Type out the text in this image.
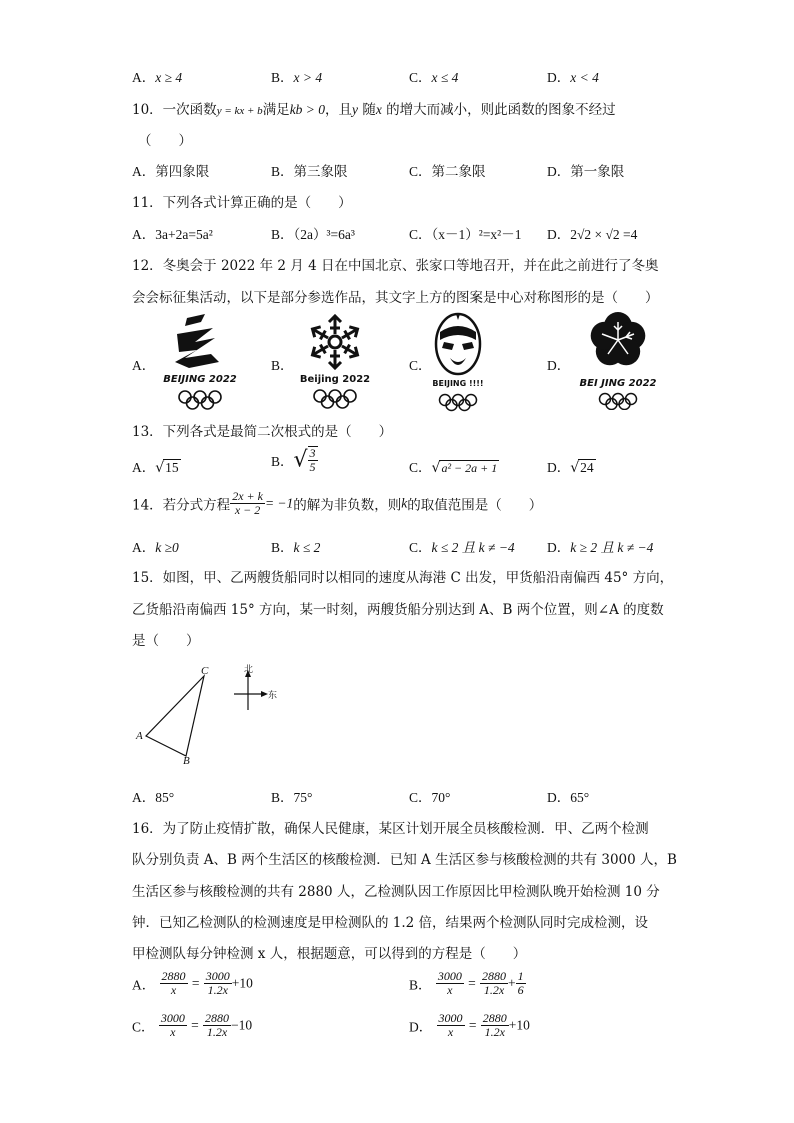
A．x ≥ 4	B．x > 4	C．x ≤ 4	D．x < 4
10．一次函数y = kx + b满足kb > 0，且y 随x 的增大而减小，则此函数的图象不经过
（　　）
A．第四象限	B．第三象限	C．第二象限	D．第一象限
11．下列各式计算正确的是（　　）
A．3a+2a=5a²	B．（2a）³=6a³	C．（x－1）²=x²－1 D．2√2 × √2 =4
12．冬奥会于 2022 年 2 月 4 日在中国北京、张家口等地召开，并在此之前进行了冬奥
会会标征集活动，以下是部分参选作品，其文字上方的图案是中心对称图形的是（　　）
A．
BEIJING 2022
B．
Beijing 2022
C．
BEIJING !!!!
D．
BEI JING 2022
13．下列各式是最简二次根式的是（　　）
A．√15	B．√ $\frac{3}{5}$	C．√a² − 2a + 1	D．√24
14．若分式方程 $\frac{2x + k}{x - 2} = -1$的解为非负数，则k的取值范围是（　　）
A．k ≥0	B．k ≤ 2	C．k ≤ 2 且 k ≠ −4 D．k ≥ 2 且 k ≠ −4
15．如图，甲、乙两艘货船同时以相同的速度从海港 C 出发，甲货船沿南偏西 45° 方向，
乙货船沿南偏西 15° 方向，某一时刻，两艘货船分别达到 A、B 两个位置，则∠A 的度数
是（　　）
C
A
B
北
东
A．85°	B．75°	C．70°	D．65°
16．为了防止疫情扩散，确保人民健康，某区计划开展全员核酸检测．甲、乙两个检测
队分别负责 A、B 两个生活区的核酸检测．已知 A 生活区参与核酸检测的共有 3000 人，B
生活区参与核酸检测的共有 2880 人，乙检测队因工作原因比甲检测队晚开始检测 10 分
钟．已知乙检测队的检测速度是甲检测队的 1.2 倍，结果两个检测队同时完成检测，设
甲检测队每分钟检测 x 人，根据题意，可以得到的方程是（　　）
A． $\frac{2880}{x} = \frac{3000}{1.2x} +10$	B． $\frac{3000}{x} = \frac{2880}{1.2x} + \frac{1}{6}$
C． $\frac{3000}{x} = \frac{2880}{1.2x} -10$	D． $\frac{3000}{x} = \frac{2880}{1.2x} +10$
